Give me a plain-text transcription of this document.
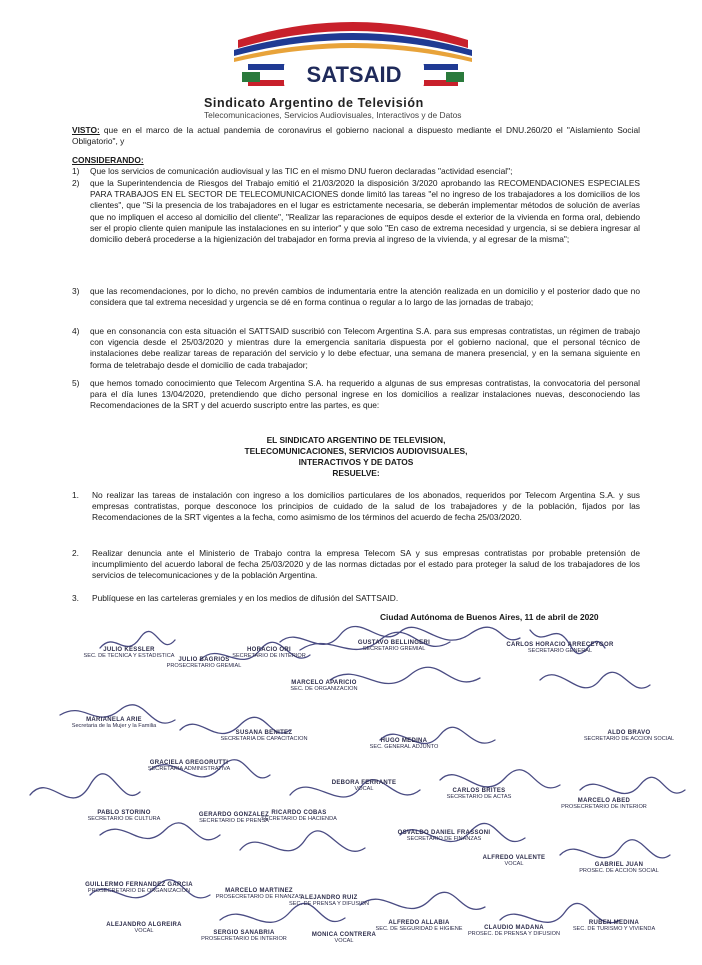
SATSAID
Sindicato Argentino de Televisión
Telecomunicaciones, Servicios Audiovisuales, Interactivos y de Datos
VISTO: que en el marco de la actual pandemia de coronavirus el gobierno nacional a dispuesto mediante el DNU.260/20 el "Aislamiento Social Obligatorio", y
CONSIDERANDO:
1)	Que los servicios de comunicación audiovisual y las TIC en el mismo DNU fueron declaradas "actividad esencial";
2)	que la Superintendencia de Riesgos del Trabajo emitió el 21/03/2020 la disposición 3/2020 aprobando las RECOMENDACIONES ESPECIALES PARA TRABAJOS EN EL SECTOR DE TELECOMUNICACIONES donde limitó las tareas "el no ingreso de los trabajadores a los domicilios de los clientes", que "Si la presencia de los trabajadores en el lugar es estrictamente necesaria, se deberán implementar métodos de solución de averías que no impliquen el acceso al domicilio del cliente", "Realizar las reparaciones de equipos desde el exterior de la vivienda en forma oral, debiendo ser el propio cliente quien manipule las instalaciones en su interior" y que solo "En caso de extrema necesidad y urgencia, si se debiera ingresar al domicilio deberá procederse a la higienización del trabajador en forma previa al ingreso de la vivienda, y al egresar de la misma";
3)	que las recomendaciones, por lo dicho, no prevén cambios de indumentaria entre la atención realizada en un domicilio y el posterior dado que no considera que tal extrema necesidad y urgencia se dé en forma continua o regular a lo largo de las jornadas de trabajo;
4)	que en consonancia con esta situación el SATTSAID suscribió con Telecom Argentina S.A. para sus empresas contratistas, un régimen de trabajo con vigencia desde el 25/03/2020 y mientras dure la emergencia sanitaria dispuesta por el gobierno nacional, que el personal técnico de instalaciones debe realizar tareas de reparación del servicio y lo debe efectuar, una semana de manera presencial, y en la semana siguiente en forma de teletrabajo desde el domicilio de cada trabajador;
5)	que hemos tomado conocimiento que Telecom Argentina S.A. ha requerido a algunas de sus empresas contratistas, la convocatoria del personal para el día lunes 13/04/2020, pretendiendo que dicho personal ingrese en los domicilios a realizar instalaciones nuevas, desconociendo las Recomendaciones de la SRT y del acuerdo suscripto entre las partes, es que:
EL SINDICATO ARGENTINO DE TELEVISION,
TELECOMUNICACIONES, SERVICIOS AUDIOVISUALES,
INTERACTIVOS Y DE DATOS
RESUELVE:
1.	No realizar las tareas de instalación con ingreso a los domicilios particulares de los abonados, requeridos por Telecom Argentina S.A. y sus empresas contratistas, porque desconoce los principios de cuidado de la salud de los trabajadores y de la población, fijados por las Recomendaciones de la SRT vigentes a la fecha, como asimismo de los términos del acuerdo de fecha 25/03/2020.
2.	Realizar denuncia ante el Ministerio de Trabajo contra la empresa Telecom SA y sus empresas contratistas por probable pretensión de incumplimiento del acuerdo laboral de fecha 25/03/2020 y de las normas dictadas por el estado para proteger la salud de los trabajadores de los servicios de telecomunicaciones y de la población Argentina.
3.	Publíquese en las carteleras gremiales y en los medios de difusión del SATTSAID.
Ciudad Autónoma de Buenos Aires, 11 de abril de 2020
JULIO KESSLER
SEC. DE TECNICA Y ESTADISTICA
JULIO BAGRIOS
PROSECRETARIO GREMIAL
HORACIO ORI
SECRETARIO DE INTERIOR
GUSTAVO BELLINGERI
SECRETARIO GREMIAL
CARLOS HORACIO ARRECEYGOR
SECRETARIO GENERAL
MARCELO APARICIO
SEC. DE ORGANIZACION
MARIANELA ARIE
Secretaria de la Mujer y la Familia
SUSANA BENITEZ
SECRETARIA DE CAPACITACION	HUGO MEDINA
SEC. GENERAL ADJUNTO
ALDO BRAVO
SECRETARIO DE ACCION SOCIAL
GRACIELA GREGORUTTI
SECRETARIA ADMINISTRATIVA
DEBORA FERRANTE
VOCAL	CARLOS BRITES
SECRETARIO DE ACTAS
MARCELO ABED
PROSECRETARIO DE INTERIOR
PABLO STORINO
SECRETARIO DE CULTURA
GERARDO GONZALEZ
SECRETARIO DE PRENSA
RICARDO COBAS
SECRETARIO DE HACIENDA
OSVALDO DANIEL FRASSONI
SECRETARIO DE FINANZAS
ALFREDO VALENTE
VOCAL	GABRIEL JUAN
PROSEC. DE ACCION SOCIAL
GUILLERMO FERNANDEZ GARCIA
PROSECRETARIO DE ORGANIZACION	MARCELO MARTINEZ
PROSECRETARIO DE FINANZAS
ALEJANDRO RUIZ
SEC. DE PRENSA Y DIFUSION
ALEJANDRO ALGREIRA
VOCAL	SERGIO SANABRIA
PROSECRETARIO DE INTERIOR
MONICA CONTRERA
VOCAL
ALFREDO ALLABIA
SEC. DE SEGURIDAD E HIGIENE	CLAUDIO MADANA
PROSEC. DE PRENSA Y DIFUSION
RUBEN MEDINA
SEC. DE TURISMO Y VIVIENDA
